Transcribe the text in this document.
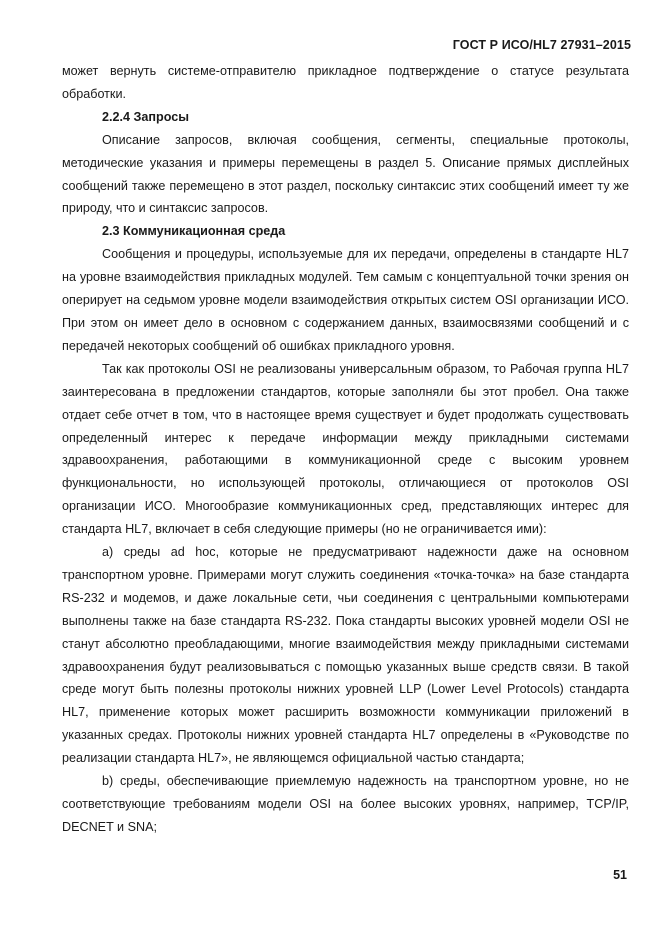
ГОСТ Р ИСО/HL7 27931–2015

может вернуть системе-отправителю прикладное подтверждение о статусе результата обработки.

2.2.4 Запросы

Описание запросов, включая сообщения, сегменты, специальные протоколы, методические указания и примеры перемещены в раздел 5. Описание прямых дисплейных сообщений также перемещено в этот раздел, поскольку синтаксис этих сообщений имеет ту же природу, что и синтаксис запросов.

2.3 Коммуникационная среда

Сообщения и процедуры, используемые для их передачи, определены в стандарте HL7 на уровне взаимодействия прикладных модулей. Тем самым с концептуальной точки зрения он оперирует на седьмом уровне модели взаимодействия открытых систем OSI организации ИСО. При этом он имеет дело в основном с содержанием данных, взаимосвязями сообщений и с передачей некоторых сообщений об ошибках прикладного уровня.

Так как протоколы OSI не реализованы универсальным образом, то Рабочая группа HL7 заинтересована в предложении стандартов, которые заполняли бы этот пробел. Она также отдает себе отчет в том, что в настоящее время существует и будет продолжать существовать определенный интерес к передаче информации между прикладными системами здравоохранения, работающими в коммуникационной среде с высоким уровнем функциональности, но использующей протоколы, отличающиеся от протоколов OSI организации ИСО. Многообразие коммуникационных сред, представляющих интерес для стандарта HL7, включает в себя следующие примеры (но не ограничивается ими):

а) среды ad hoc, которые не предусматривают надежности даже на основном транспортном уровне. Примерами могут служить соединения «точка-точка» на базе стандарта RS-232 и модемов, и даже локальные сети, чьи соединения с центральными компьютерами выполнены также на базе стандарта RS-232. Пока стандарты высоких уровней модели OSI не станут абсолютно преобладающими, многие взаимодействия между прикладными системами здравоохранения будут реализовываться с помощью указанных выше средств связи. В такой среде могут быть полезны протоколы нижних уровней LLP (Lower Level Protocols) стандарта HL7, применение которых может расширить возможности коммуникации приложений в указанных средах. Протоколы нижних уровней стандарта HL7 определены в «Руководстве по реализации стандарта HL7», не являющемся официальной частью стандарта;

b) среды, обеспечивающие приемлемую надежность на транспортном уровне, но не соответствующие требованиям модели OSI на более высоких уровнях, например, TCP/IP, DECNET и SNA;

51
